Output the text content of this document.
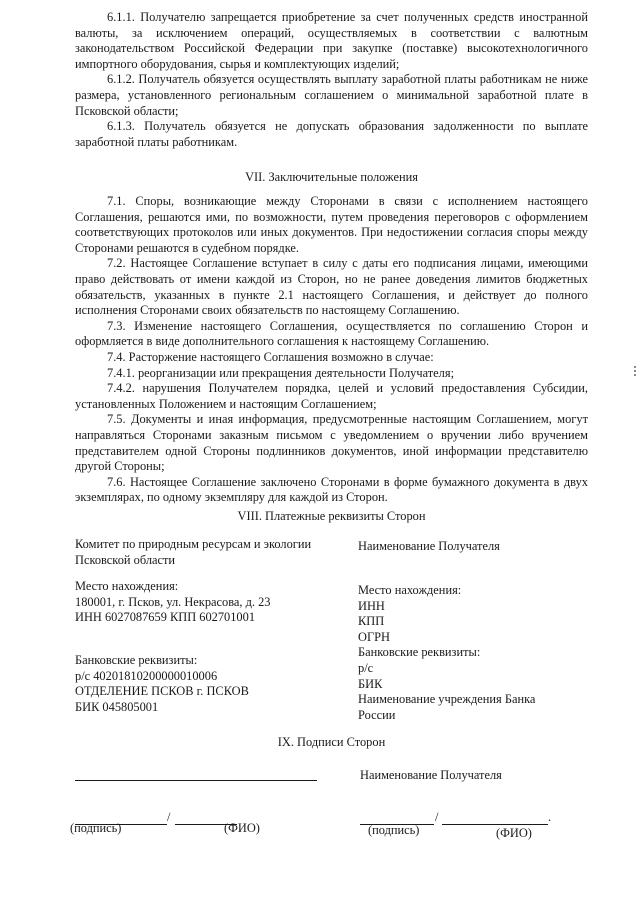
6.1.1. Получателю запрещается приобретение за счет полученных средств иностранной валюты, за исключением операций, осуществляемых в соответствии с валютным законодательством Российской Федерации при закупке (поставке) высокотехнологичного импортного оборудования, сырья и комплектующих изделий;

6.1.2. Получатель обязуется осуществлять выплату заработной платы работникам не ниже размера, установленного региональным соглашением о минимальной заработной плате в Псковской области;

6.1.3. Получатель обязуется не допускать образования задолженности по выплате заработной платы работникам.

VII. Заключительные положения

7.1. Споры, возникающие между Сторонами в связи с исполнением настоящего Соглашения, решаются ими, по возможности, путем проведения переговоров с оформлением соответствующих протоколов или иных документов. При недостижении согласия споры между Сторонами решаются в судебном порядке.

7.2. Настоящее Соглашение вступает в силу с даты его подписания лицами, имеющими право действовать от имени каждой из Сторон, но не ранее доведения лимитов бюджетных обязательств, указанных в пункте 2.1 настоящего Соглашения, и действует до полного исполнения Сторонами своих обязательств по настоящему Соглашению.

7.3. Изменение настоящего Соглашения, осуществляется по соглашению Сторон и оформляется в виде дополнительного соглашения к настоящему Соглашению.

7.4. Расторжение настоящего Соглашения возможно в случае:

7.4.1. реорганизации или прекращения деятельности Получателя;

7.4.2. нарушения Получателем порядка, целей и условий предоставления Субсидии, установленных Положением и настоящим Соглашением;

7.5. Документы и иная информация, предусмотренные настоящим Соглашением, могут направляться Сторонами заказным письмом с уведомлением о вручении либо вручением представителем одной Стороны подлинников документов, иной информации представителю другой Стороны;

7.6. Настоящее Соглашение заключено Сторонами в форме бумажного документа в двух экземплярах, по одному экземпляру для каждой из Сторон.

VIII. Платежные реквизиты Сторон

Комитет по природным ресурсам и экологии

Псковской области

Место нахождения:

180001, г. Псков, ул. Некрасова, д. 23

ИНН 6027087659 КПП 602701001

Банковские реквизиты:

р/с 40201810200000010006

ОТДЕЛЕНИЕ ПСКОВ г. ПСКОВ

БИК 045805001

Наименование Получателя

Место нахождения:

ИНН

КПП

ОГРН

Банковские реквизиты:

р/с

БИК

Наименование учреждения Банка

России

IX. Подписи Сторон

Наименование Получателя

/

(подпись)	(ФИО)

/	.

(подпись)	(ФИО)
